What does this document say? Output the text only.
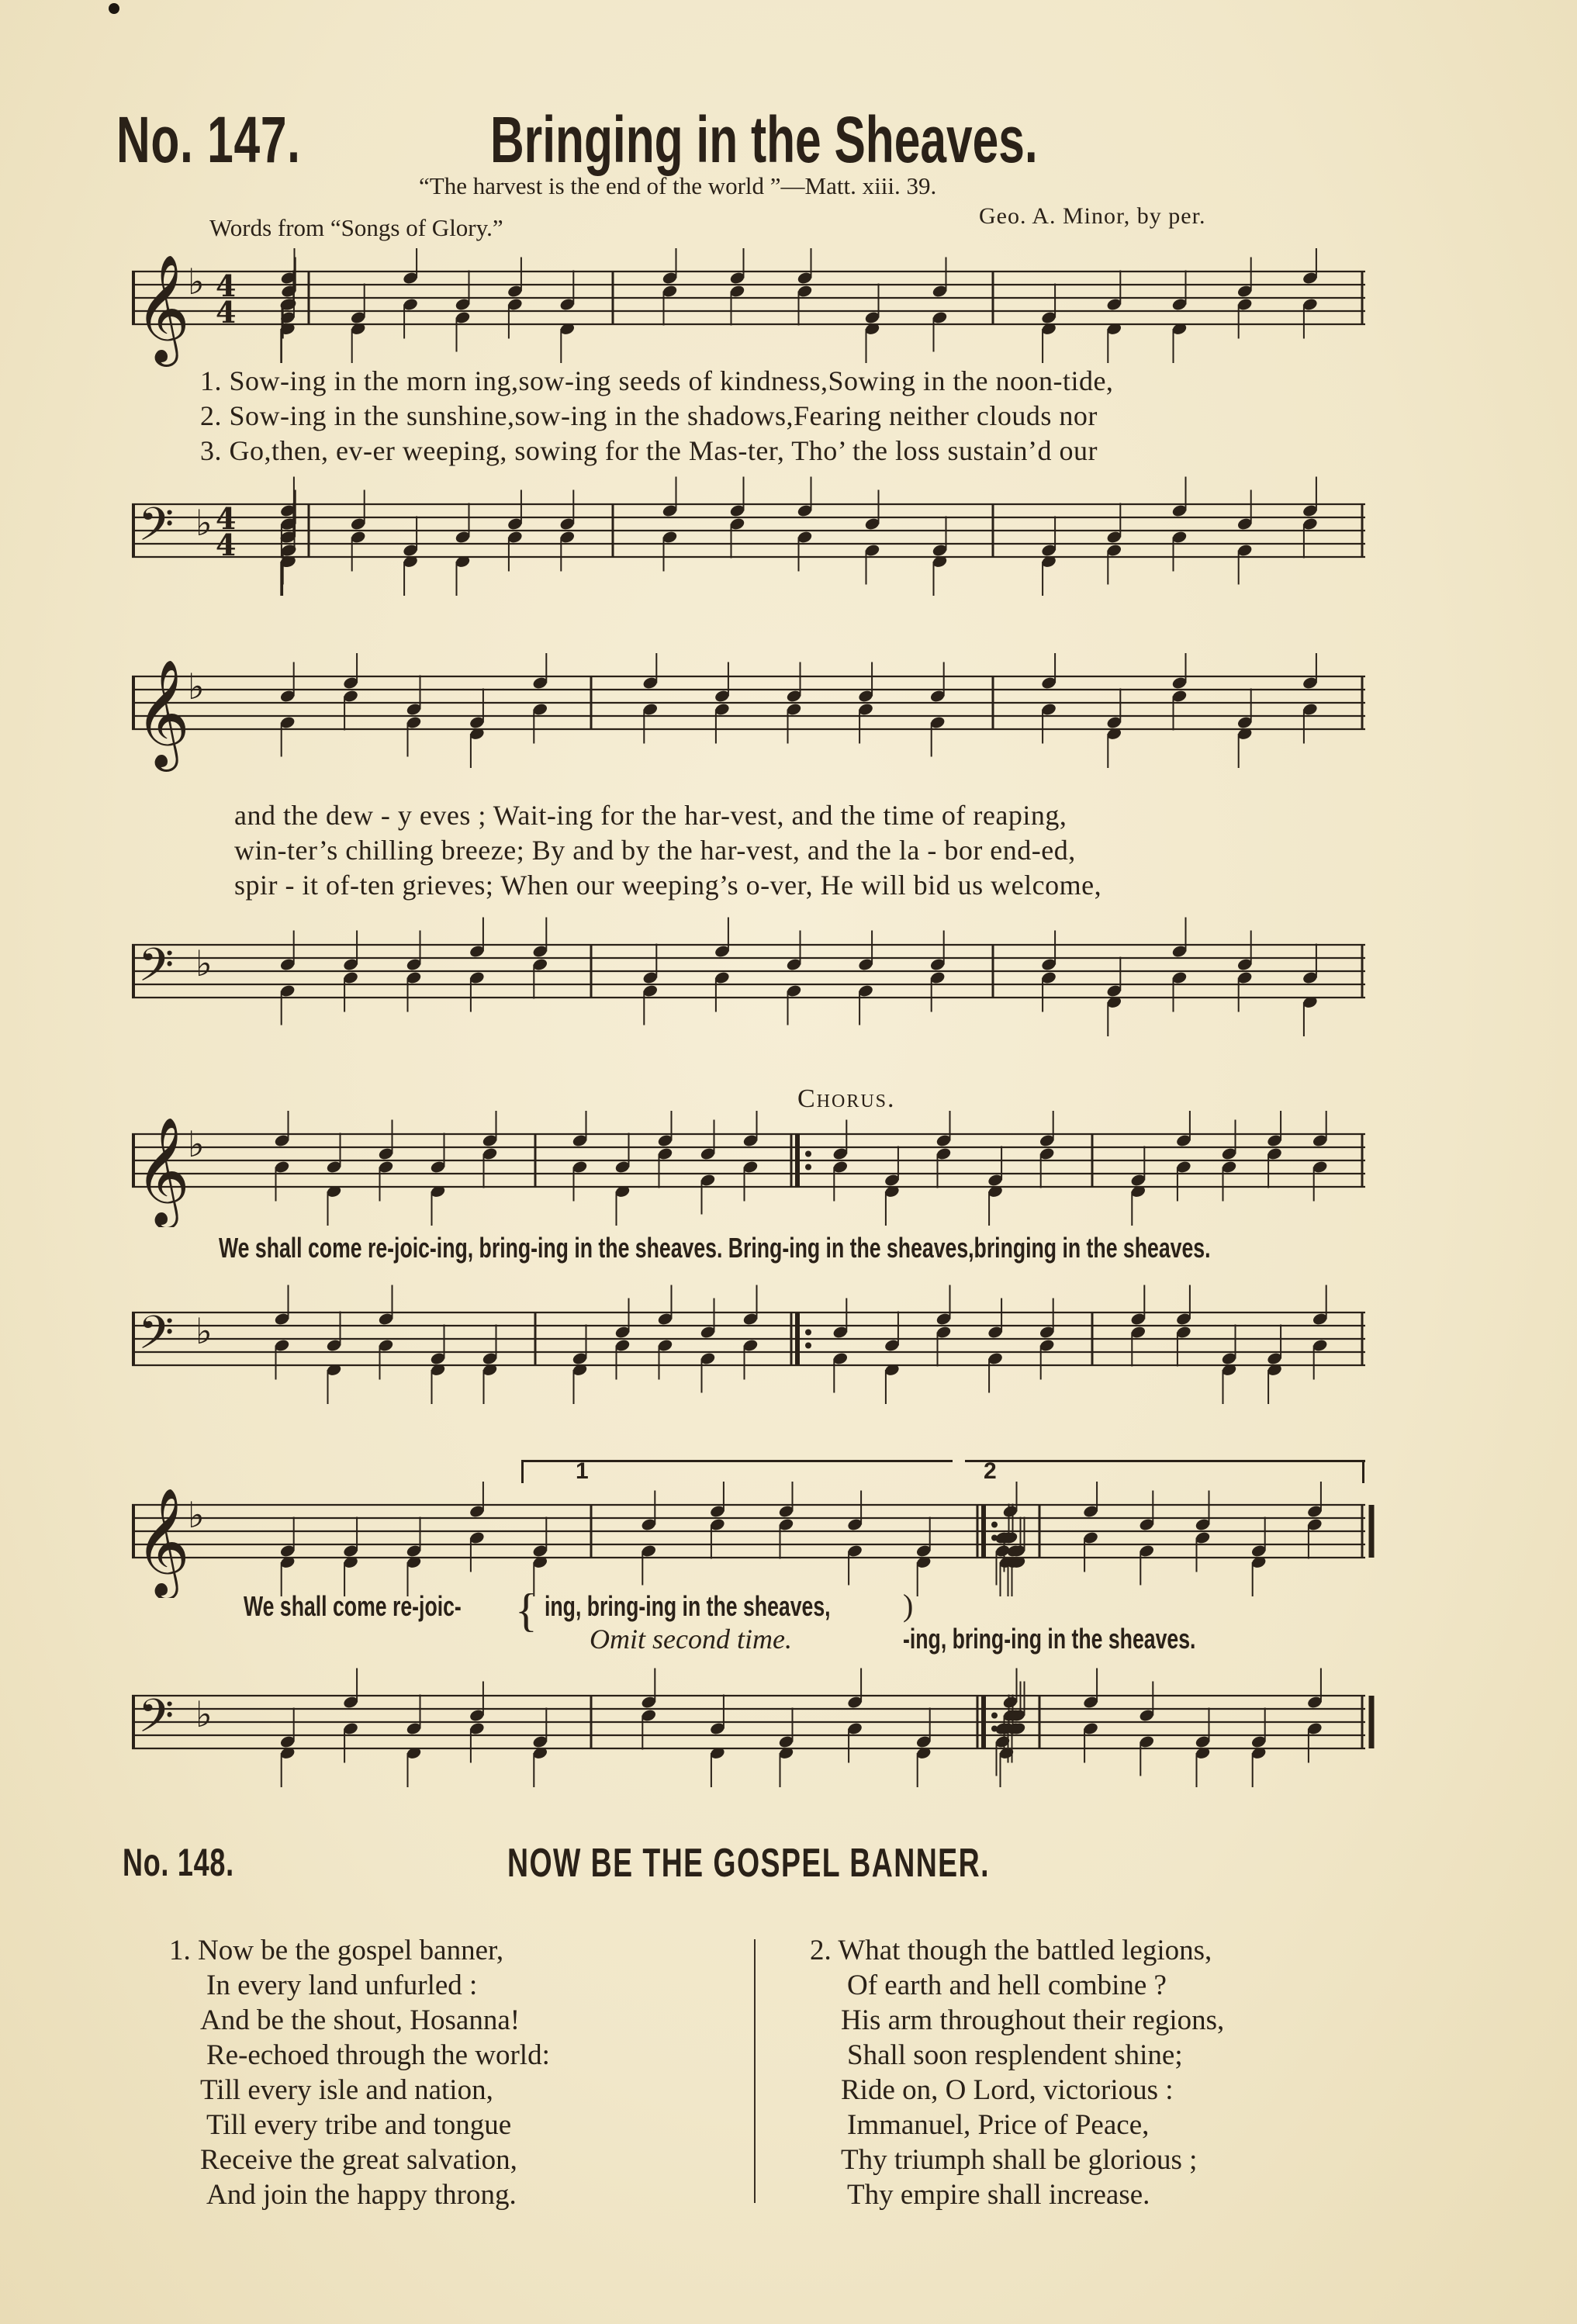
No. 147.	Bringing in the Sheaves.
“The harvest is the end of the world ”—Matt. xiii. 39.
Words from “Songs of Glory.”	Geo. A. Minor, by per.
𝄞
♭ 4
4
1. Sow-ing in the morn ing,sow-ing seeds of kindness,Sowing in the noon-tide,
2. Sow-ing in the sunshine,sow-ing in the shadows,Fearing neither clouds nor
3. Go,then, ev-er weeping, sowing for the Mas-ter, Tho’ the loss sustain’d our
𝄢 ♭ 4
4
𝄞
♭
and the dew - y eves ; Wait-ing for the har-vest, and the time of reaping,
win-ter’s chilling breeze; By and by the har-vest, and the la - bor end-ed,
spir - it of-ten grieves; When our weeping’s o-ver, He will bid us welcome,
𝄢 ♭
Chorus.
𝄞
♭
We shall come re-joic-ing, bring-ing in the sheaves. Bring-ing in the sheaves,bringing in the sheaves.
𝄢 ♭
1	2
𝄞
♭
We shall come re-joic- { ing, bring-ing in the sheaves, )
Omit second time.	-ing, bring-ing in the sheaves.
𝄢 ♭
No. 148.	NOW BE THE GOSPEL BANNER.
1. Now be the gospel banner,
In every land unfurled :
And be the shout, Hosanna!
Re-echoed through the world:
Till every isle and nation,
Till every tribe and tongue
Receive the great salvation,
And join the happy throng.
2. What though the battled legions,
Of earth and hell combine ?
His arm throughout their regions,
Shall soon resplendent shine;
Ride on, O Lord, victorious :
Immanuel, Price of Peace,
Thy triumph shall be glorious ;
Thy empire shall increase.
